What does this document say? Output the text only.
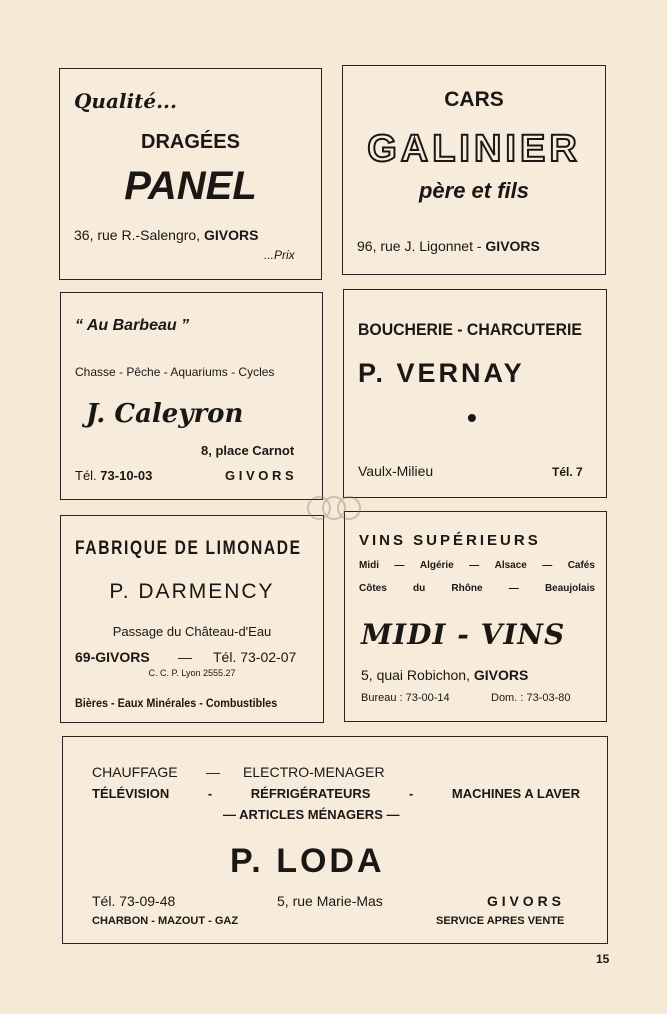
Qualité...
DRAGÉES
PANEL
36, rue R.-Salengro, GIVORS
...Prix
CARS
GALINIER
père et fils
96, rue J. Ligonnet - GIVORS
“ Au Barbeau ”
Chasse - Pêche - Aquariums - Cycles
J. Caleyron
8, place Carnot
Tél. 73-10-03	G I V O R S
BOUCHERIE - CHARCUTERIE
P. VERNAY
•
Vaulx-Milieu	Tél. 7
FABRIQUE DE LIMONADE
P. DARMENCY
Passage du Château-d'Eau
69-GIVORS — Tél. 73-02-07
C. C. P. Lyon 2555.27
Bières - Eaux Minérales - Combustibles
VINS SUPÉRIEURS
Midi — Algérie — Alsace — Cafés
Côtes	du	Rhône	—	Beaujolais
MIDI - VINS
5, quai Robichon, GIVORS
Bureau : 73-00-14	Dom. : 73-03-80
CHAUFFAGE — ELECTRO-MENAGER
TÉLÉVISION	-	RÉFRIGÉRATEURS	-	MACHINES A LAVER
— ARTICLES MÉNAGERS —
P. LODA
Tél. 73-09-48	5, rue Marie-Mas	G I V O R S
CHARBON - MAZOUT - GAZ	SERVICE APRES VENTE
15
